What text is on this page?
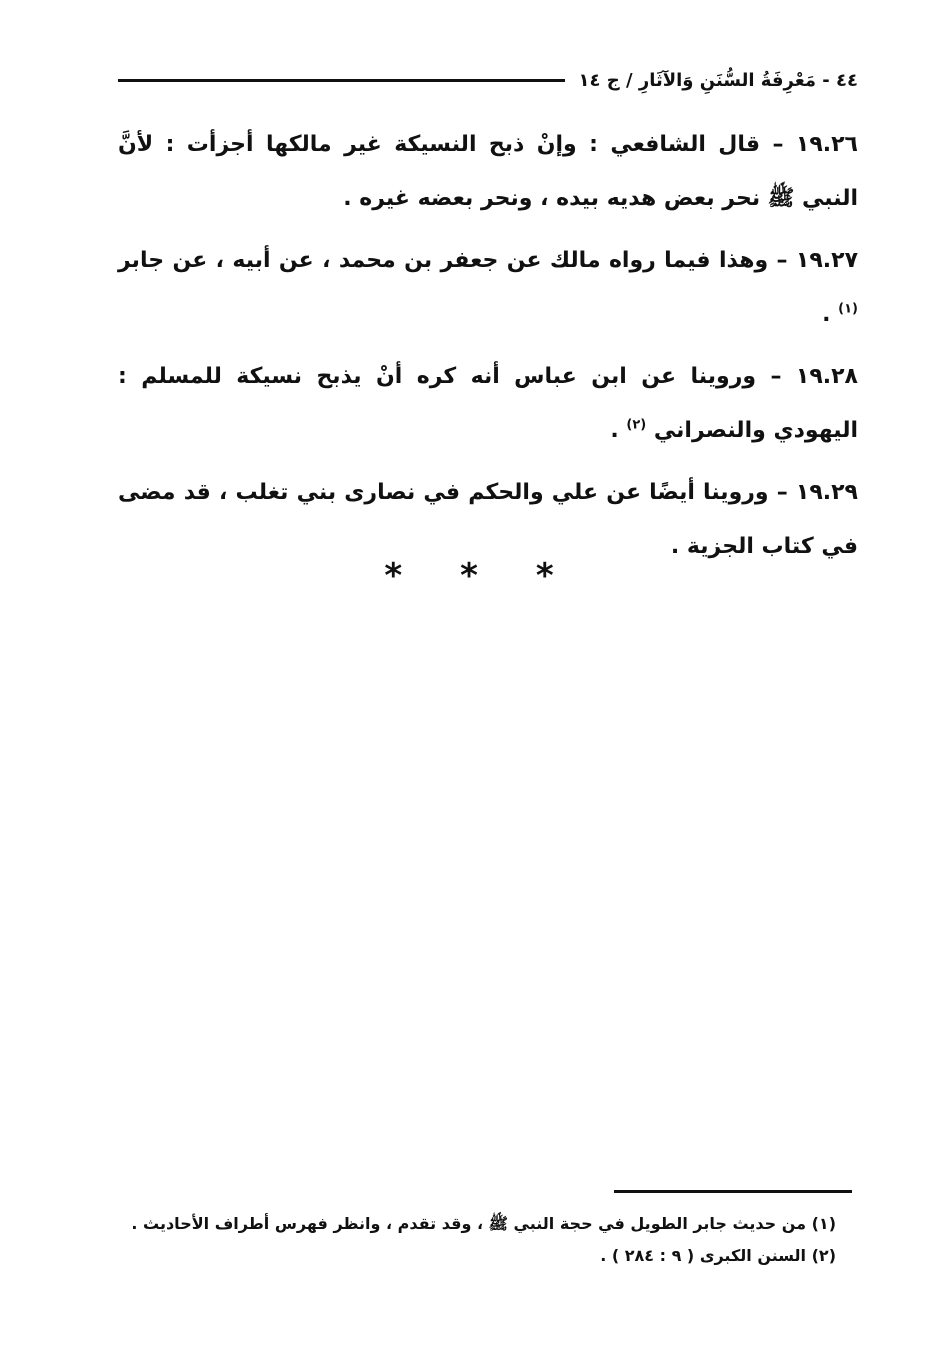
٤٤ - مَعْرِفَةُ السُّنَنِ وَالآثَارِ / ج ١٤

١٩.٢٦ – قال الشافعي : وإنْ ذبح النسيكة غير مالكها أجزأت : لأنَّ النبي ﷺ نحر بعض هديه بيده ، ونحر بعضه غيره .

١٩.٢٧ – وهذا فيما رواه مالك عن جعفر بن محمد ، عن أبيه ، عن جابر $^{(١)}$ .

١٩.٢٨ – وروينا عن ابن عباس أنه كره أنْ يذبح نسيكة للمسلم : اليهودي والنصراني $^{(٢)}$ .

١٩.٢٩ – وروينا أيضًا عن علي والحكم في نصارى بني تغلب ، قد مضى في كتاب الجزية .

* * *

(١) من حديث جابر الطويل في حجة النبي ﷺ ، وقد تقدم ، وانظر فهرس أطراف الأحاديث .

(٢) السنن الكبرى ( ٩ : ٢٨٤ ) .
